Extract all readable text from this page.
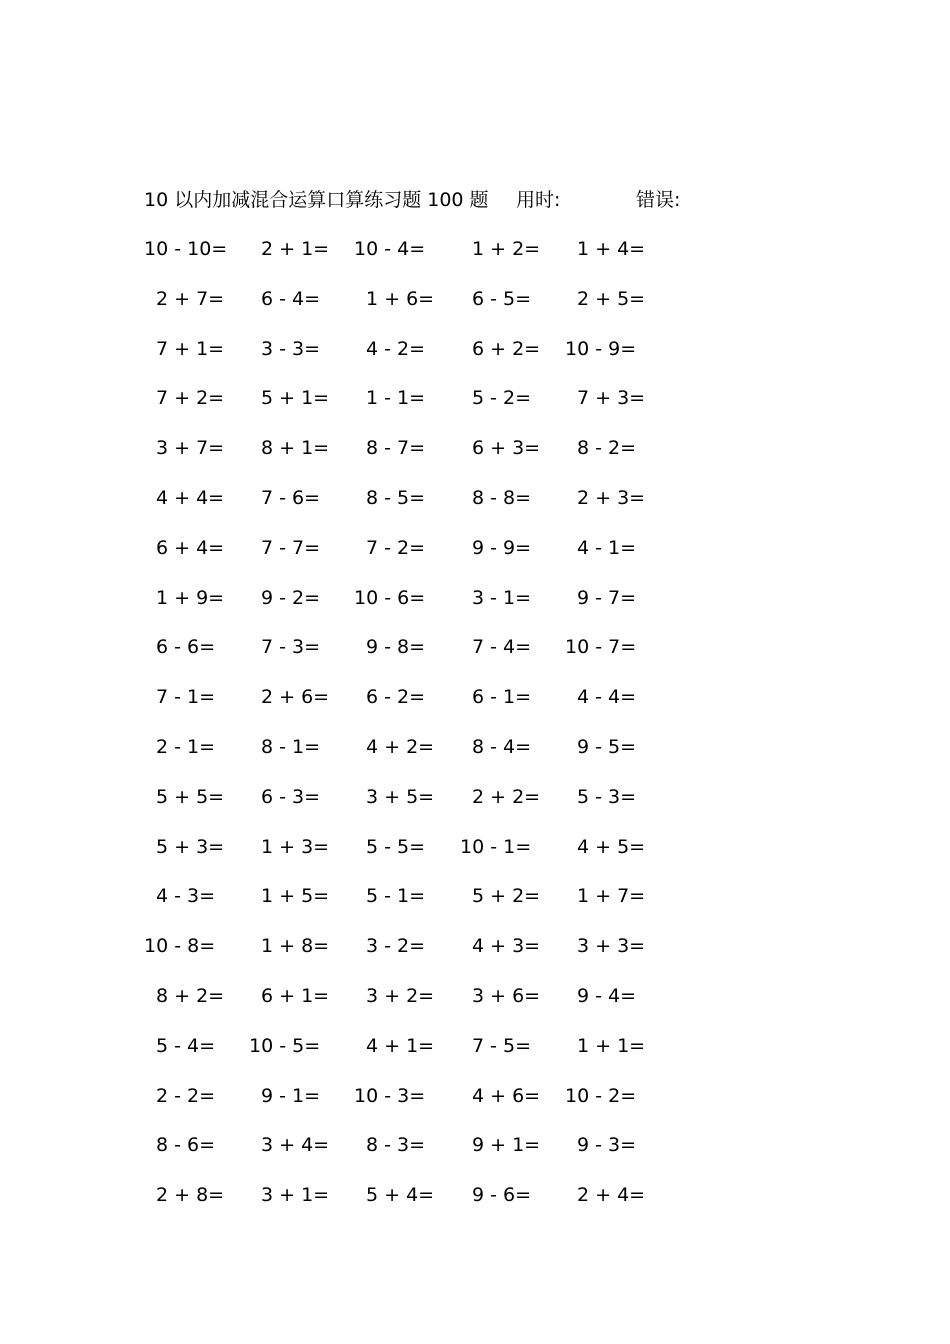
10 以内加减混合运算口算练习题 100 题 用时:	错误:
10 - 10= 2 + 1= 10 - 4= 1 + 2= 1 + 4=
2 + 7= 6 - 4= 1 + 6= 6 - 5= 2 + 5=
7 + 1= 3 - 3= 4 - 2= 6 + 2= 10 - 9=
7 + 2= 5 + 1= 1 - 1= 5 - 2= 7 + 3=
3 + 7= 8 + 1= 8 - 7= 6 + 3= 8 - 2=
4 + 4= 7 - 6= 8 - 5= 8 - 8= 2 + 3=
6 + 4= 7 - 7= 7 - 2= 9 - 9= 4 - 1=
1 + 9= 9 - 2= 10 - 6= 3 - 1= 9 - 7=
6 - 6= 7 - 3= 9 - 8= 7 - 4= 10 - 7=
7 - 1= 2 + 6= 6 - 2= 6 - 1= 4 - 4=
2 - 1= 8 - 1= 4 + 2= 8 - 4= 9 - 5=
5 + 5= 6 - 3= 3 + 5= 2 + 2= 5 - 3=
5 + 3= 1 + 3= 5 - 5= 10 - 1= 4 + 5=
4 - 3= 1 + 5= 5 - 1= 5 + 2= 1 + 7=
10 - 8= 1 + 8= 3 - 2= 4 + 3= 3 + 3=
8 + 2= 6 + 1= 3 + 2= 3 + 6= 9 - 4=
5 - 4= 10 - 5= 4 + 1= 7 - 5= 1 + 1=
2 - 2= 9 - 1= 10 - 3= 4 + 6= 10 - 2=
8 - 6= 3 + 4= 8 - 3= 9 + 1= 9 - 3=
2 + 8= 3 + 1= 5 + 4= 9 - 6= 2 + 4=
